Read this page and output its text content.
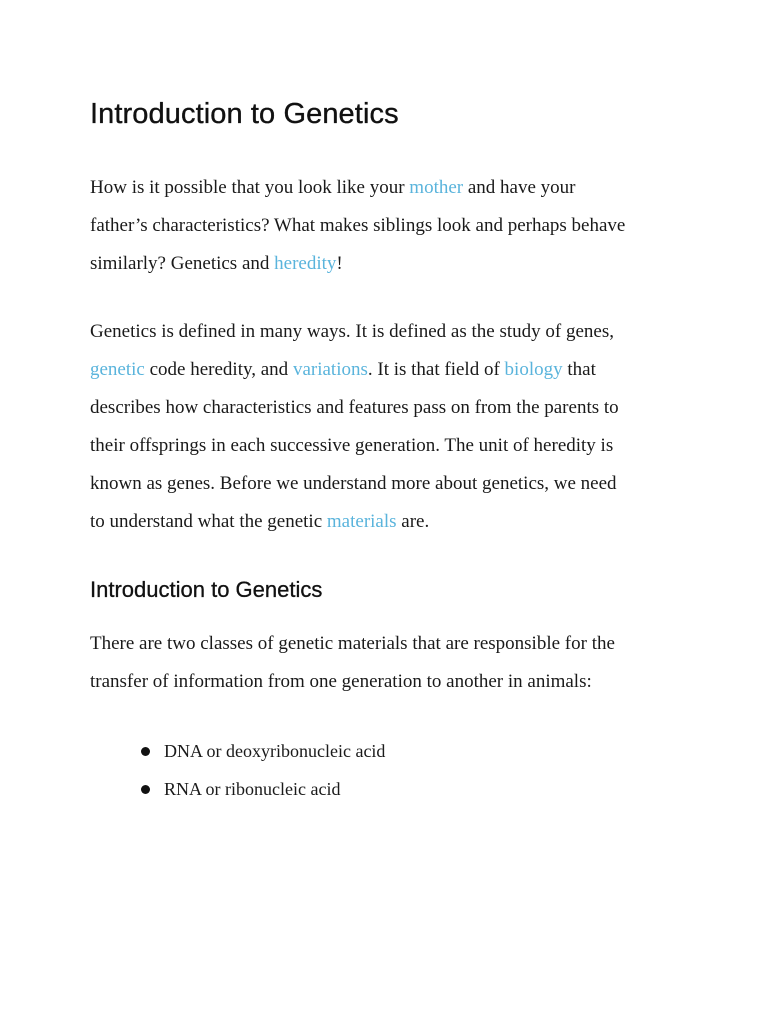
Introduction to Genetics

How is it possible that you look like your mother and have your
father’s characteristics? What makes siblings look and perhaps behave
similarly? Genetics and heredity!

Genetics is defined in many ways. It is defined as the study of genes,
genetic code heredity, and variations. It is that field of biology that
describes how characteristics and features pass on from the parents to
their offsprings in each successive generation. The unit of heredity is
known as genes. Before we understand more about genetics, we need
to understand what the genetic materials are.

Introduction to Genetics

There are two classes of genetic materials that are responsible for the
transfer of information from one generation to another in animals:

DNA or deoxyribonucleic acid
RNA or ribonucleic acid
